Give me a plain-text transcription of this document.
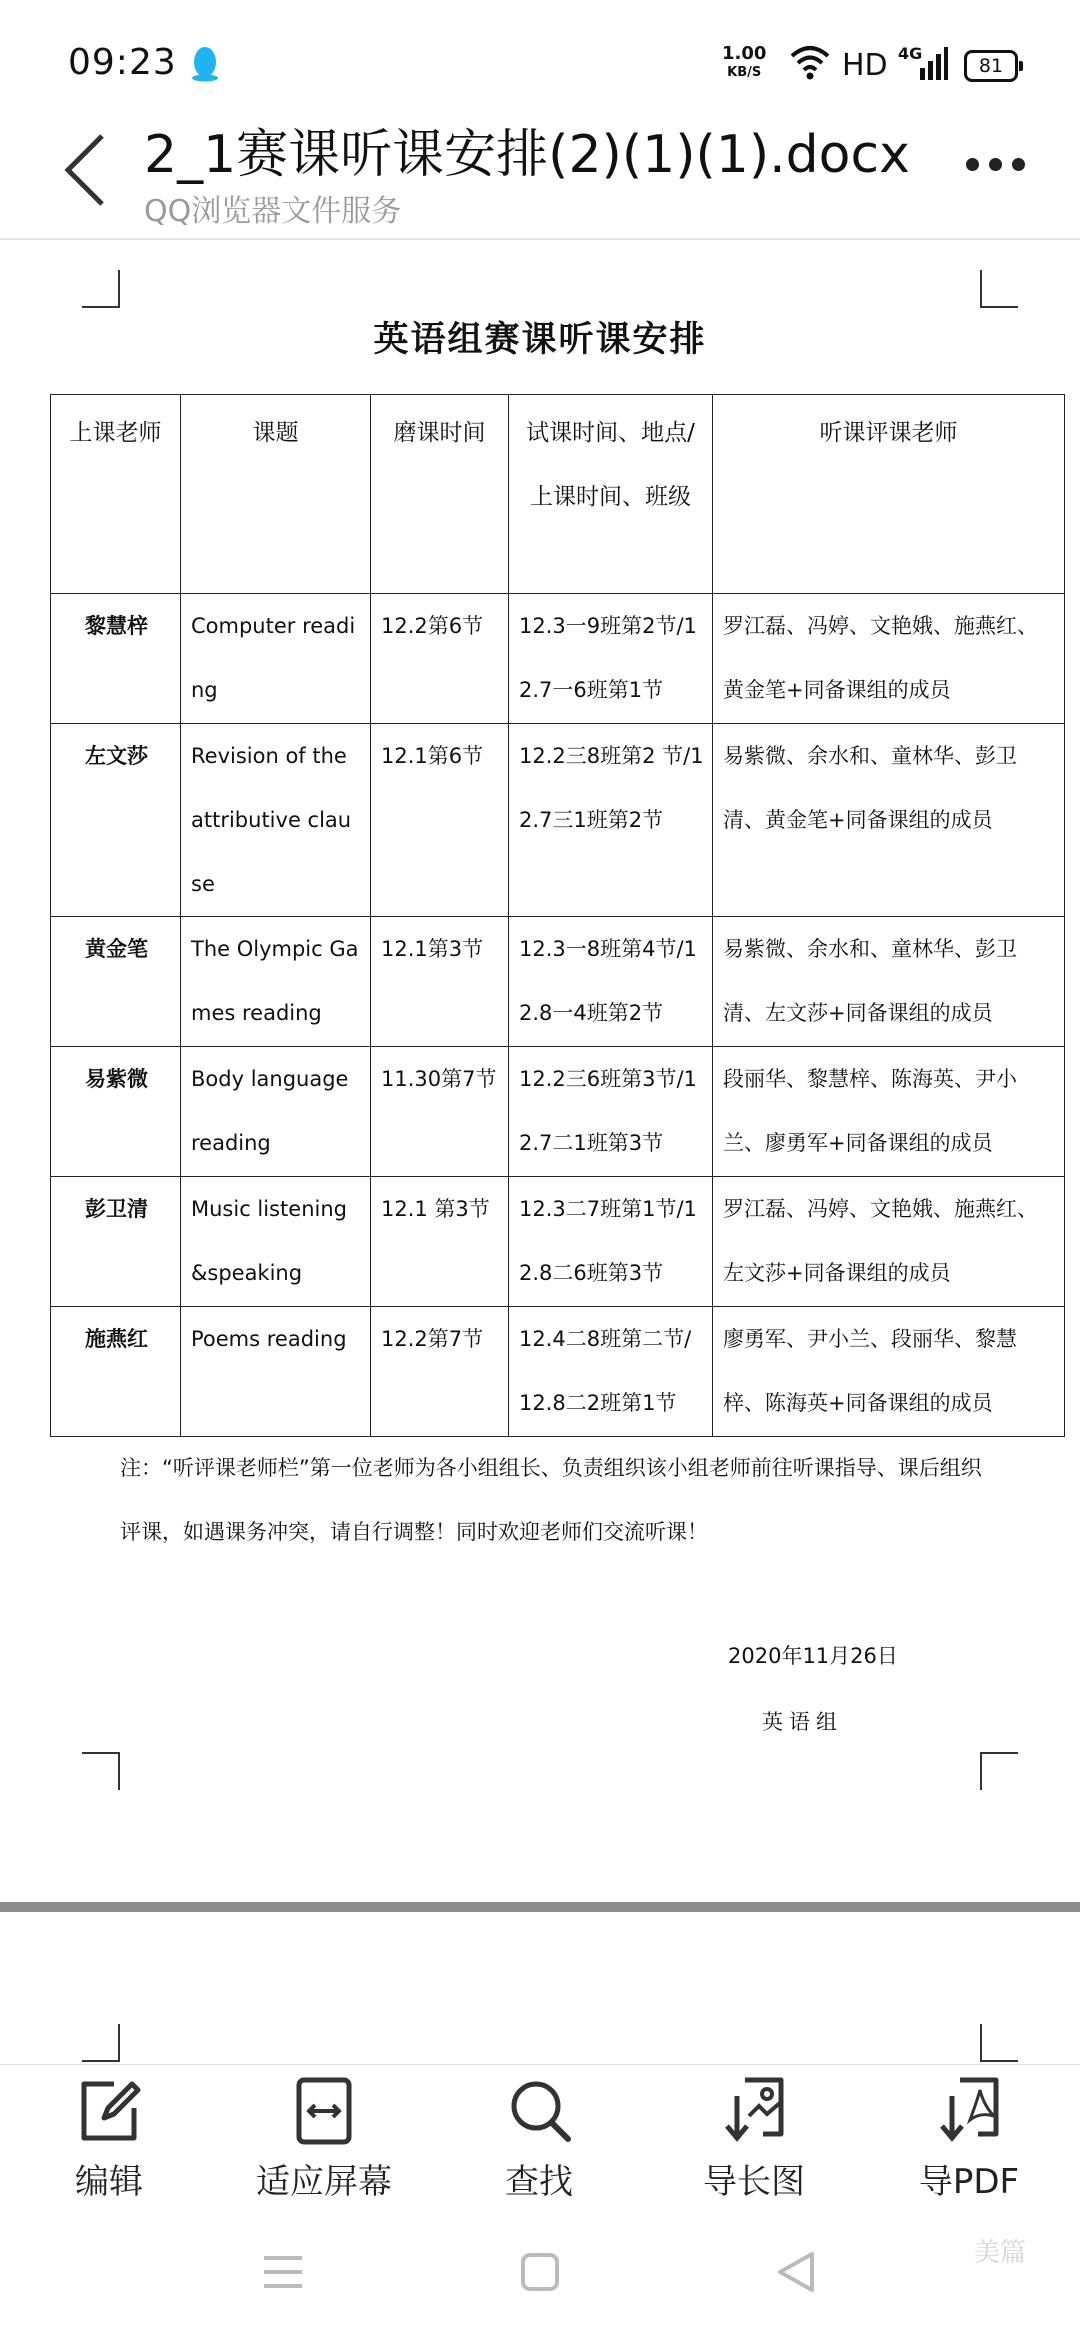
09:23	1.00
KB/S	HD 4G
81
2_1赛课听课安排(2)(1)(1).docx
QQ浏览器文件服务
英语组赛课听课安排
上课老师	课题	磨课时间	试课时间、地点/上课时间、班级	听课评课老师
黎慧梓	Computer reading	12.2第6节	12.3一9班第2节/12.7一6班第1节	罗江磊、冯婷、文艳娥、施燕红、黄金笔+同备课组的成员
左文莎	Revision of the attributive clause	12.1第6节	12.2三8班第2 节/12.7三1班第2节	易紫微、余水和、童林华、彭卫清、黄金笔+同备课组的成员
黄金笔	The Olympic Games reading	12.1第3节	12.3一8班第4节/12.8一4班第2节	易紫微、余水和、童林华、彭卫清、左文莎+同备课组的成员
易紫微	Body language reading	11.30第7节	12.2三6班第3节/12.7二1班第3节	段丽华、黎慧梓、陈海英、尹小兰、廖勇军+同备课组的成员
彭卫清	Music listening&speaking	12.1 第3节	12.3二7班第1节/12.8二6班第3节	罗江磊、冯婷、文艳娥、施燕红、左文莎+同备课组的成员
施燕红	Poems reading	12.2第7节	12.4二8班第二节/12.8二2班第1节	廖勇军、尹小兰、段丽华、黎慧梓、陈海英+同备课组的成员
注：“听评课老师栏”第一位老师为各小组组长、负责组织该小组老师前往听课指导、课后组织评课，如遇课务冲突，请自行调整！同时欢迎老师们交流听课！
2020年11月26日
英语组
编辑	适应屏幕	查找	导长图	导PDF
美篇
